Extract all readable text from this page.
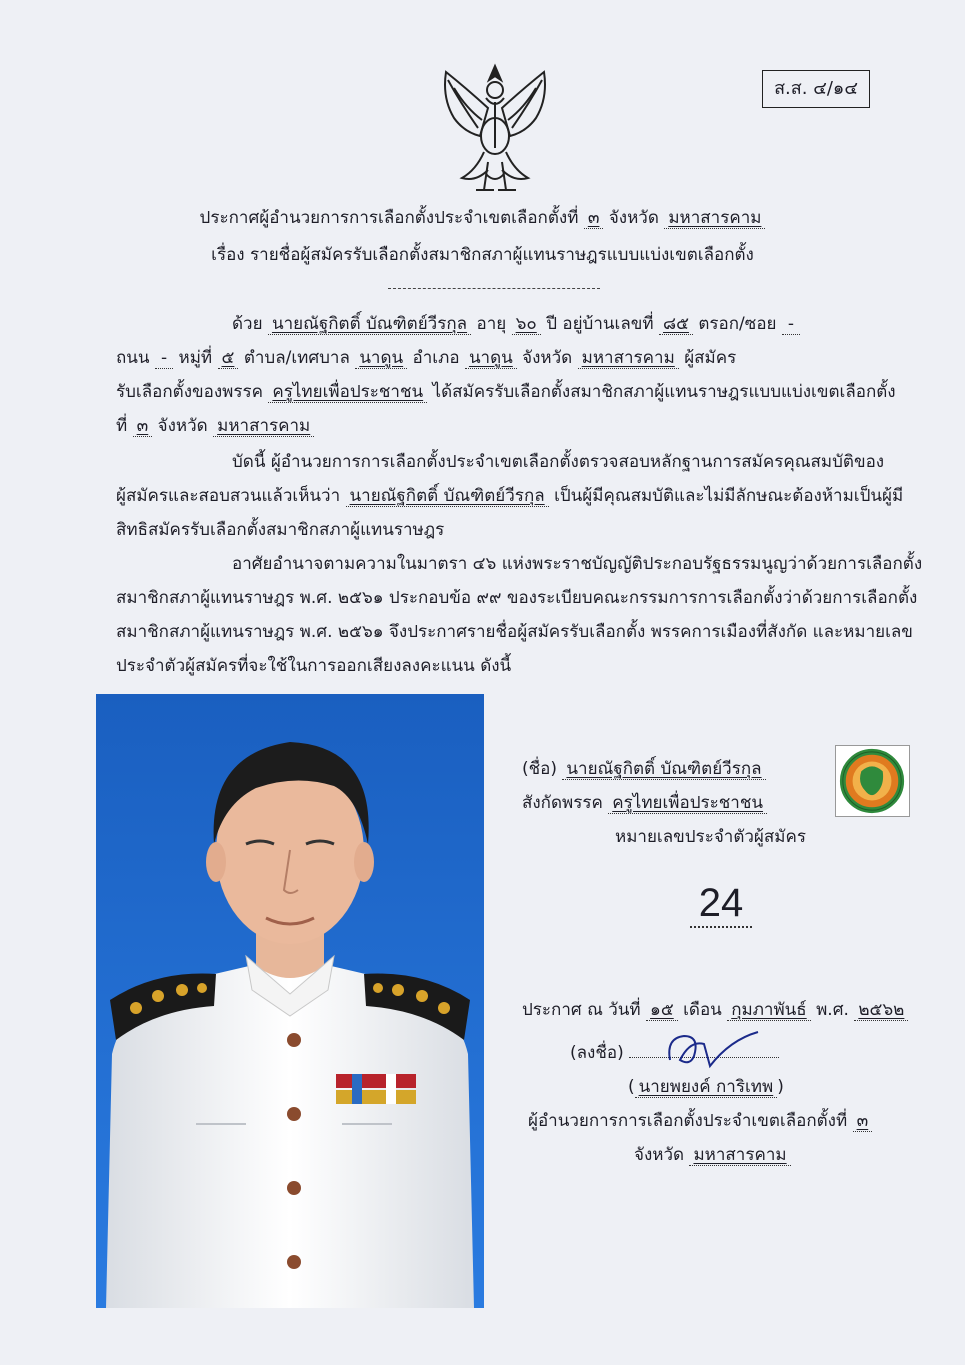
ส.ส. ๔/๑๔
ประกาศผู้อำนวยการการเลือกตั้งประจำเขตเลือกตั้งที่ ๓ จังหวัด มหาสารคาม
เรื่อง รายชื่อผู้สมัครรับเลือกตั้งสมาชิกสภาผู้แทนราษฎรแบบแบ่งเขตเลือกตั้ง
ด้วย นายณัฐกิตติ์ บัณฑิตย์วีรกุล อายุ ๖๐ ปี อยู่บ้านเลขที่ ๘๕ ตรอก/ซอย -
ถนน - หมู่ที่ ๕ ตำบล/เทศบาล นาดูน อำเภอ นาดูน จังหวัด มหาสารคาม ผู้สมัคร
รับเลือกตั้งของพรรค ครูไทยเพื่อประชาชน ได้สมัครรับเลือกตั้งสมาชิกสภาผู้แทนราษฎรแบบแบ่งเขตเลือกตั้ง
ที่ ๓ จังหวัด มหาสารคาม
บัดนี้ ผู้อำนวยการการเลือกตั้งประจำเขตเลือกตั้งตรวจสอบหลักฐานการสมัครคุณสมบัติของ
ผู้สมัครและสอบสวนแล้วเห็นว่า นายณัฐกิตติ์ บัณฑิตย์วีรกุล เป็นผู้มีคุณสมบัติและไม่มีลักษณะต้องห้ามเป็นผู้มี
สิทธิสมัครรับเลือกตั้งสมาชิกสภาผู้แทนราษฎร
อาศัยอำนาจตามความในมาตรา ๔๖ แห่งพระราชบัญญัติประกอบรัฐธรรมนูญว่าด้วยการเลือกตั้ง
สมาชิกสภาผู้แทนราษฎร พ.ศ. ๒๕๖๑ ประกอบข้อ ๙๙ ของระเบียบคณะกรรมการการเลือกตั้งว่าด้วยการเลือกตั้ง
สมาชิกสภาผู้แทนราษฎร พ.ศ. ๒๕๖๑ จึงประกาศรายชื่อผู้สมัครรับเลือกตั้ง พรรคการเมืองที่สังกัด และหมายเลข
ประจำตัวผู้สมัครที่จะใช้ในการออกเสียงลงคะแนน ดังนี้
(ชื่อ) นายณัฐกิตติ์ บัณฑิตย์วีรกุล
สังกัดพรรค ครูไทยเพื่อประชาชน
หมายเลขประจำตัวผู้สมัคร
24
ประกาศ ณ วันที่ ๑๕ เดือน กุมภาพันธ์ พ.ศ. ๒๕๖๒
(ลงชื่อ)
( นายพยงค์ การิเทพ )
ผู้อำนวยการการเลือกตั้งประจำเขตเลือกตั้งที่ ๓
จังหวัด มหาสารคาม
